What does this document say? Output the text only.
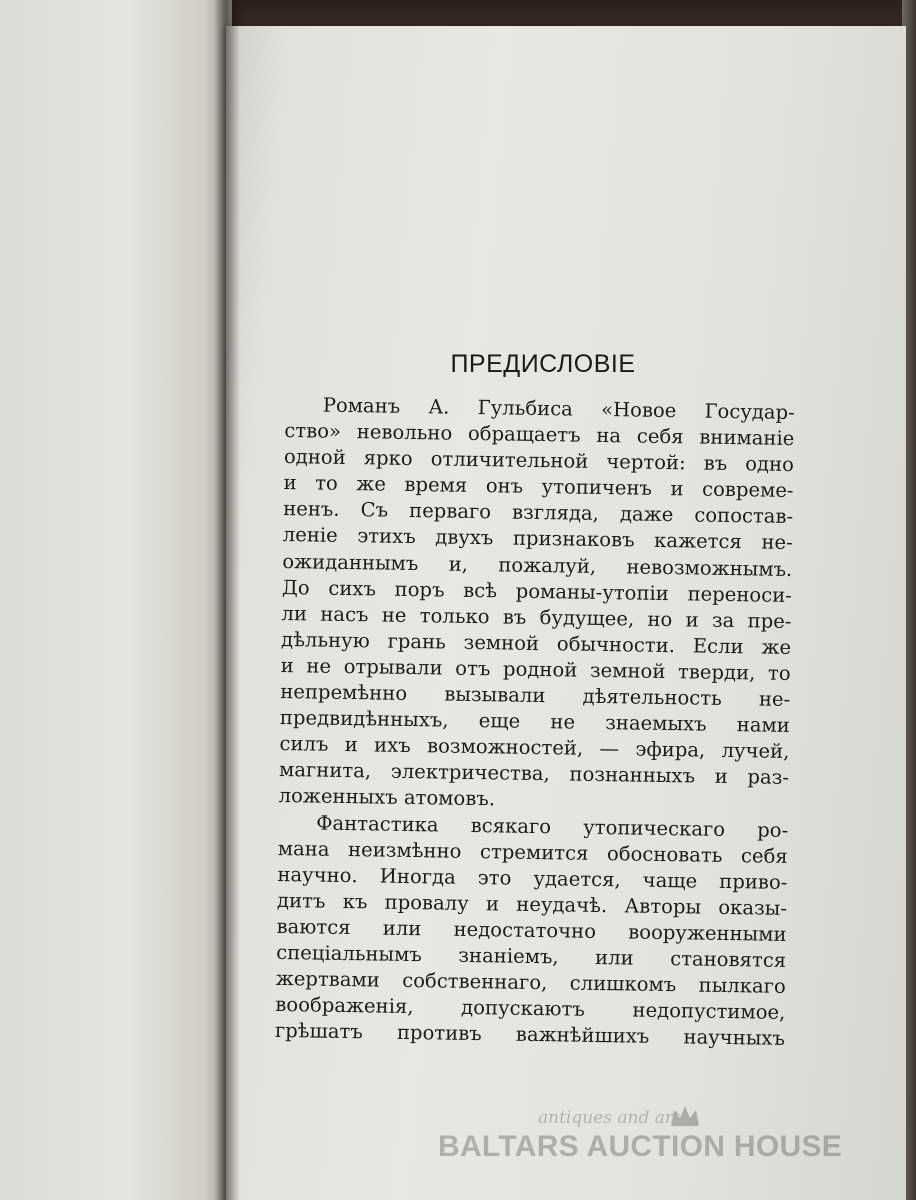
ПРЕДИСЛОВІЕ
Романъ А. Гульбиса «Новое Государ-
ство» невольно обращаетъ на себя вниманіе
одной ярко отличительной чертой: въ одно
и то же время онъ утопиченъ и совреме-
ненъ. Съ перваго взгляда, даже сопостав-
леніе этихъ двухъ признаковъ кажется не-
ожиданнымъ и, пожалуй, невозможнымъ.
До сихъ поръ всѣ романы-утопіи переноси-
ли насъ не только въ будущее, но и за пре-
дѣльную грань земной обычности. Если же
и не отрывали отъ родной земной тверди, то
непремѣнно вызывали дѣятельность не-
предвидѣнныхъ, еще не знаемыхъ нами
силъ и ихъ возможностей, — эфира, лучей,
магнита, электричества, познанныхъ и раз-
ложенныхъ атомовъ.
Фантастика всякаго утопическаго ро-
мана неизмѣнно стремится обосновать себя
научно. Иногда это удается, чаще приво-
дитъ къ провалу и неудачѣ. Авторы оказы-
ваются или недостаточно вооруженными
спеціальнымъ знаніемъ, или становятся
жертвами собственнаго, слишкомъ пылкаго
воображенія, допускаютъ недопустимое,
грѣшатъ противъ важнѣйшихъ научныхъ
antiques and art
BALTARS AUCTION HOUSE
